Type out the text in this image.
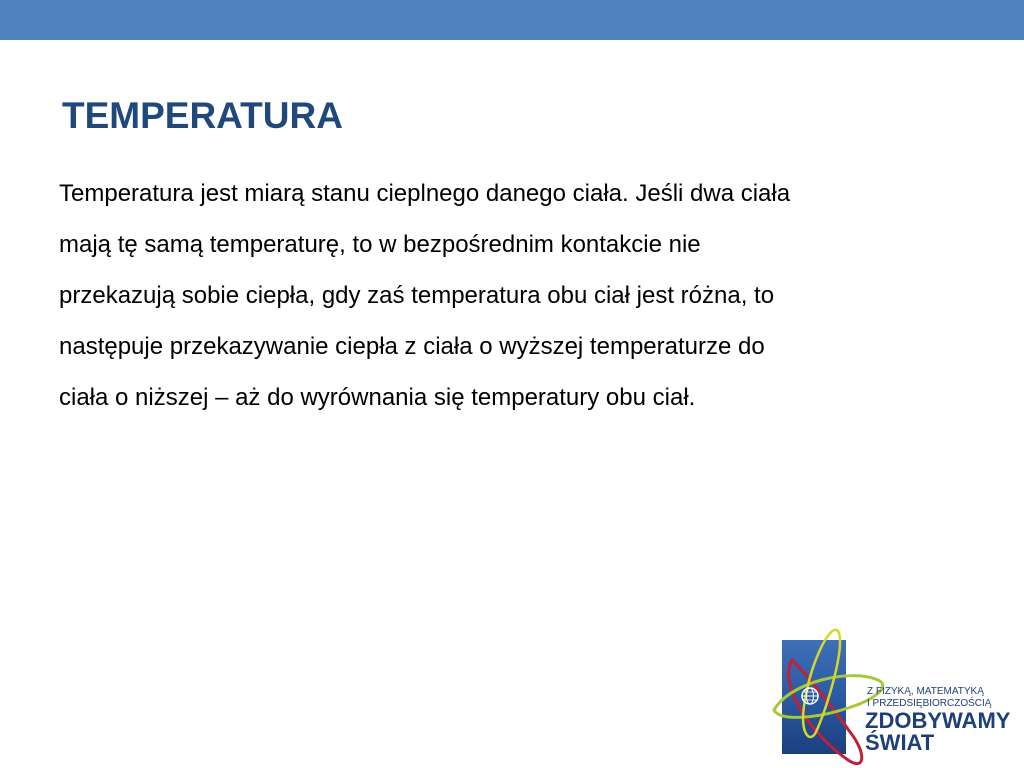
TEMPERATURA

Temperatura jest miarą stanu cieplnego danego ciała. Jeśli dwa ciała
mają tę samą temperaturę, to w bezpośrednim kontakcie nie
przekazują sobie ciepła, gdy zaś temperatura obu ciał jest różna, to
następuje przekazywanie ciepła z ciała o wyższej temperaturze do
ciała o niższej – aż do wyrównania się temperatury obu ciał.

Z FIZYKĄ, MATEMATYKĄ
I PRZEDSIĘBIORCZOŚCIĄ
ZDOBYWAMY
ŚWIAT
